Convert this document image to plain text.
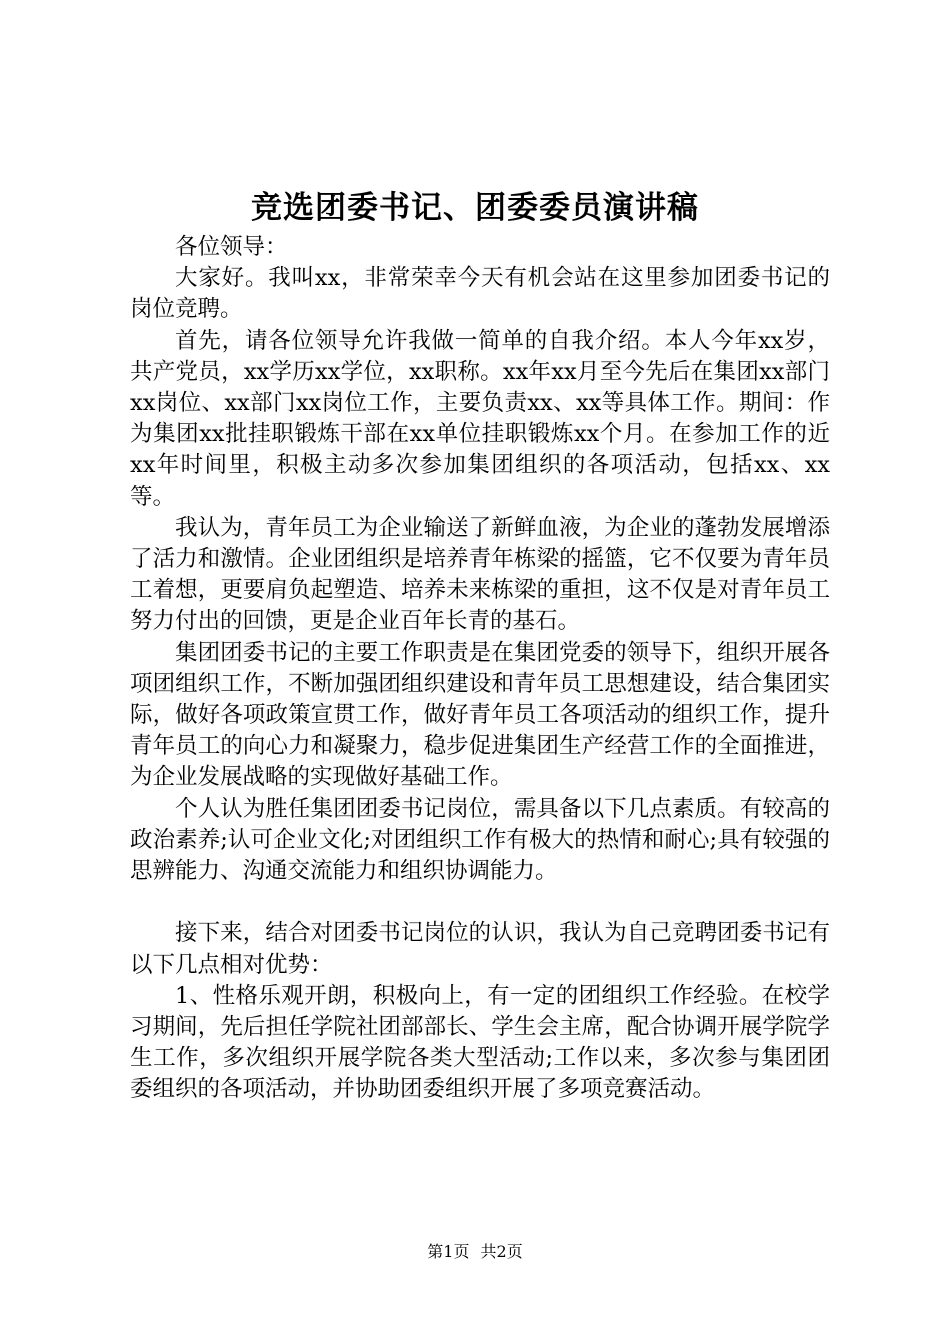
竞选团委书记、团委委员演讲稿

各位领导：

大家好。我叫xx，非常荣幸今天有机会站在这里参加团委书记的岗位竞聘。

首先，请各位领导允许我做一简单的自我介绍。本人今年xx岁，共产党员，xx学历xx学位，xx职称。xx年xx月至今先后在集团xx部门xx岗位、xx部门xx岗位工作，主要负责xx、xx等具体工作。期间：作为集团xx批挂职锻炼干部在xx单位挂职锻炼xx个月。在参加工作的近xx年时间里，积极主动多次参加集团组织的各项活动，包括xx、xx等。

我认为，青年员工为企业输送了新鲜血液，为企业的蓬勃发展增添了活力和激情。企业团组织是培养青年栋梁的摇篮，它不仅要为青年员工着想，更要肩负起塑造、培养未来栋梁的重担，这不仅是对青年员工努力付出的回馈，更是企业百年长青的基石。

集团团委书记的主要工作职责是在集团党委的领导下，组织开展各项团组织工作，不断加强团组织建设和青年员工思想建设，结合集团实际，做好各项政策宣贯工作，做好青年员工各项活动的组织工作，提升青年员工的向心力和凝聚力，稳步促进集团生产经营工作的全面推进，为企业发展战略的实现做好基础工作。

个人认为胜任集团团委书记岗位，需具备以下几点素质。有较高的政治素养;认可企业文化;对团组织工作有极大的热情和耐心;具有较强的思辨能力、沟通交流能力和组织协调能力。

接下来，结合对团委书记岗位的认识，我认为自己竞聘团委书记有以下几点相对优势：

1、性格乐观开朗，积极向上，有一定的团组织工作经验。在校学习期间，先后担任学院社团部部长、学生会主席，配合协调开展学院学生工作，多次组织开展学院各类大型活动;工作以来，多次参与集团团委组织的各项活动，并协助团委组织开展了多项竞赛活动。

第1页 共2页
